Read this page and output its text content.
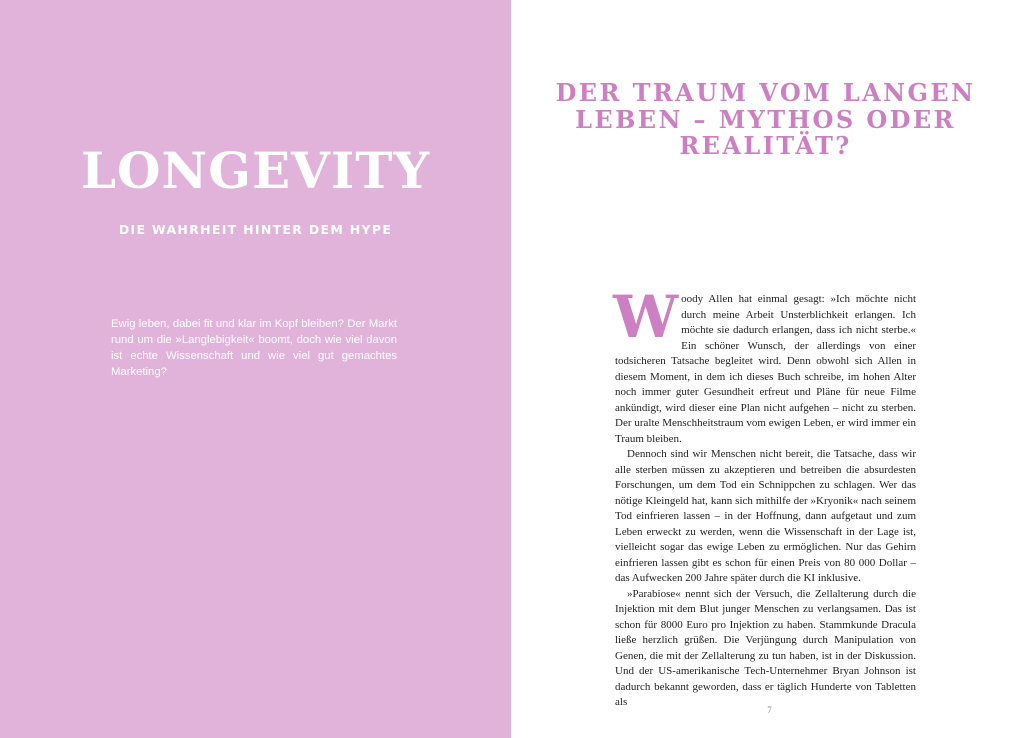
LONGEVITY
DIE WAHRHEIT HINTER DEM HYPE
Ewig leben, dabei fit und klar im Kopf bleiben? Der Markt rund um die »Langlebigkeit« boomt, doch wie viel davon ist echte Wissenschaft und wie viel gut gemachtes Marketing?
DER TRAUM VOM LANGEN LEBEN – MYTHOS ODER REALITÄT?

Woody Allen hat einmal gesagt: »Ich möchte nicht durch meine Arbeit Unsterblichkeit erlangen. Ich möchte sie dadurch erlangen, dass ich nicht sterbe.« Ein schöner Wunsch, der allerdings von einer todsicheren Tatsache begleitet wird. Denn obwohl sich Allen in diesem Moment, in dem ich dieses Buch schreibe, im hohen Alter noch immer guter Gesundheit erfreut und Pläne für neue Filme ankündigt, wird dieser eine Plan nicht aufgehen – nicht zu sterben. Der uralte Menschheitstraum vom ewigen Leben, er wird immer ein Traum bleiben.

Dennoch sind wir Menschen nicht bereit, die Tatsache, dass wir alle sterben müssen zu akzeptieren und betreiben die absurdesten Forschungen, um dem Tod ein Schnippchen zu schlagen. Wer das nötige Kleingeld hat, kann sich mithilfe der »Kryonik« nach seinem Tod einfrieren lassen – in der Hoffnung, dann aufgetaut und zum Leben erweckt zu werden, wenn die Wissenschaft in der Lage ist, vielleicht sogar das ewige Leben zu ermöglichen. Nur das Gehirn einfrieren lassen gibt es schon für einen Preis von 80 000 Dollar – das Aufwecken 200 Jahre später durch die KI inklusive.

»Parabiose« nennt sich der Versuch, die Zellalterung durch die Injektion mit dem Blut junger Menschen zu verlangsamen. Das ist schon für 8000 Euro pro Injektion zu haben. Stammkunde Dracula ließe herzlich grüßen. Die Verjüngung durch Manipulation von Genen, die mit der Zellalterung zu tun haben, ist in der Diskussion. Und der US-amerikanische Tech-Unternehmer Bryan Johnson ist dadurch bekannt geworden, dass er täglich Hunderte von Tabletten als

7
